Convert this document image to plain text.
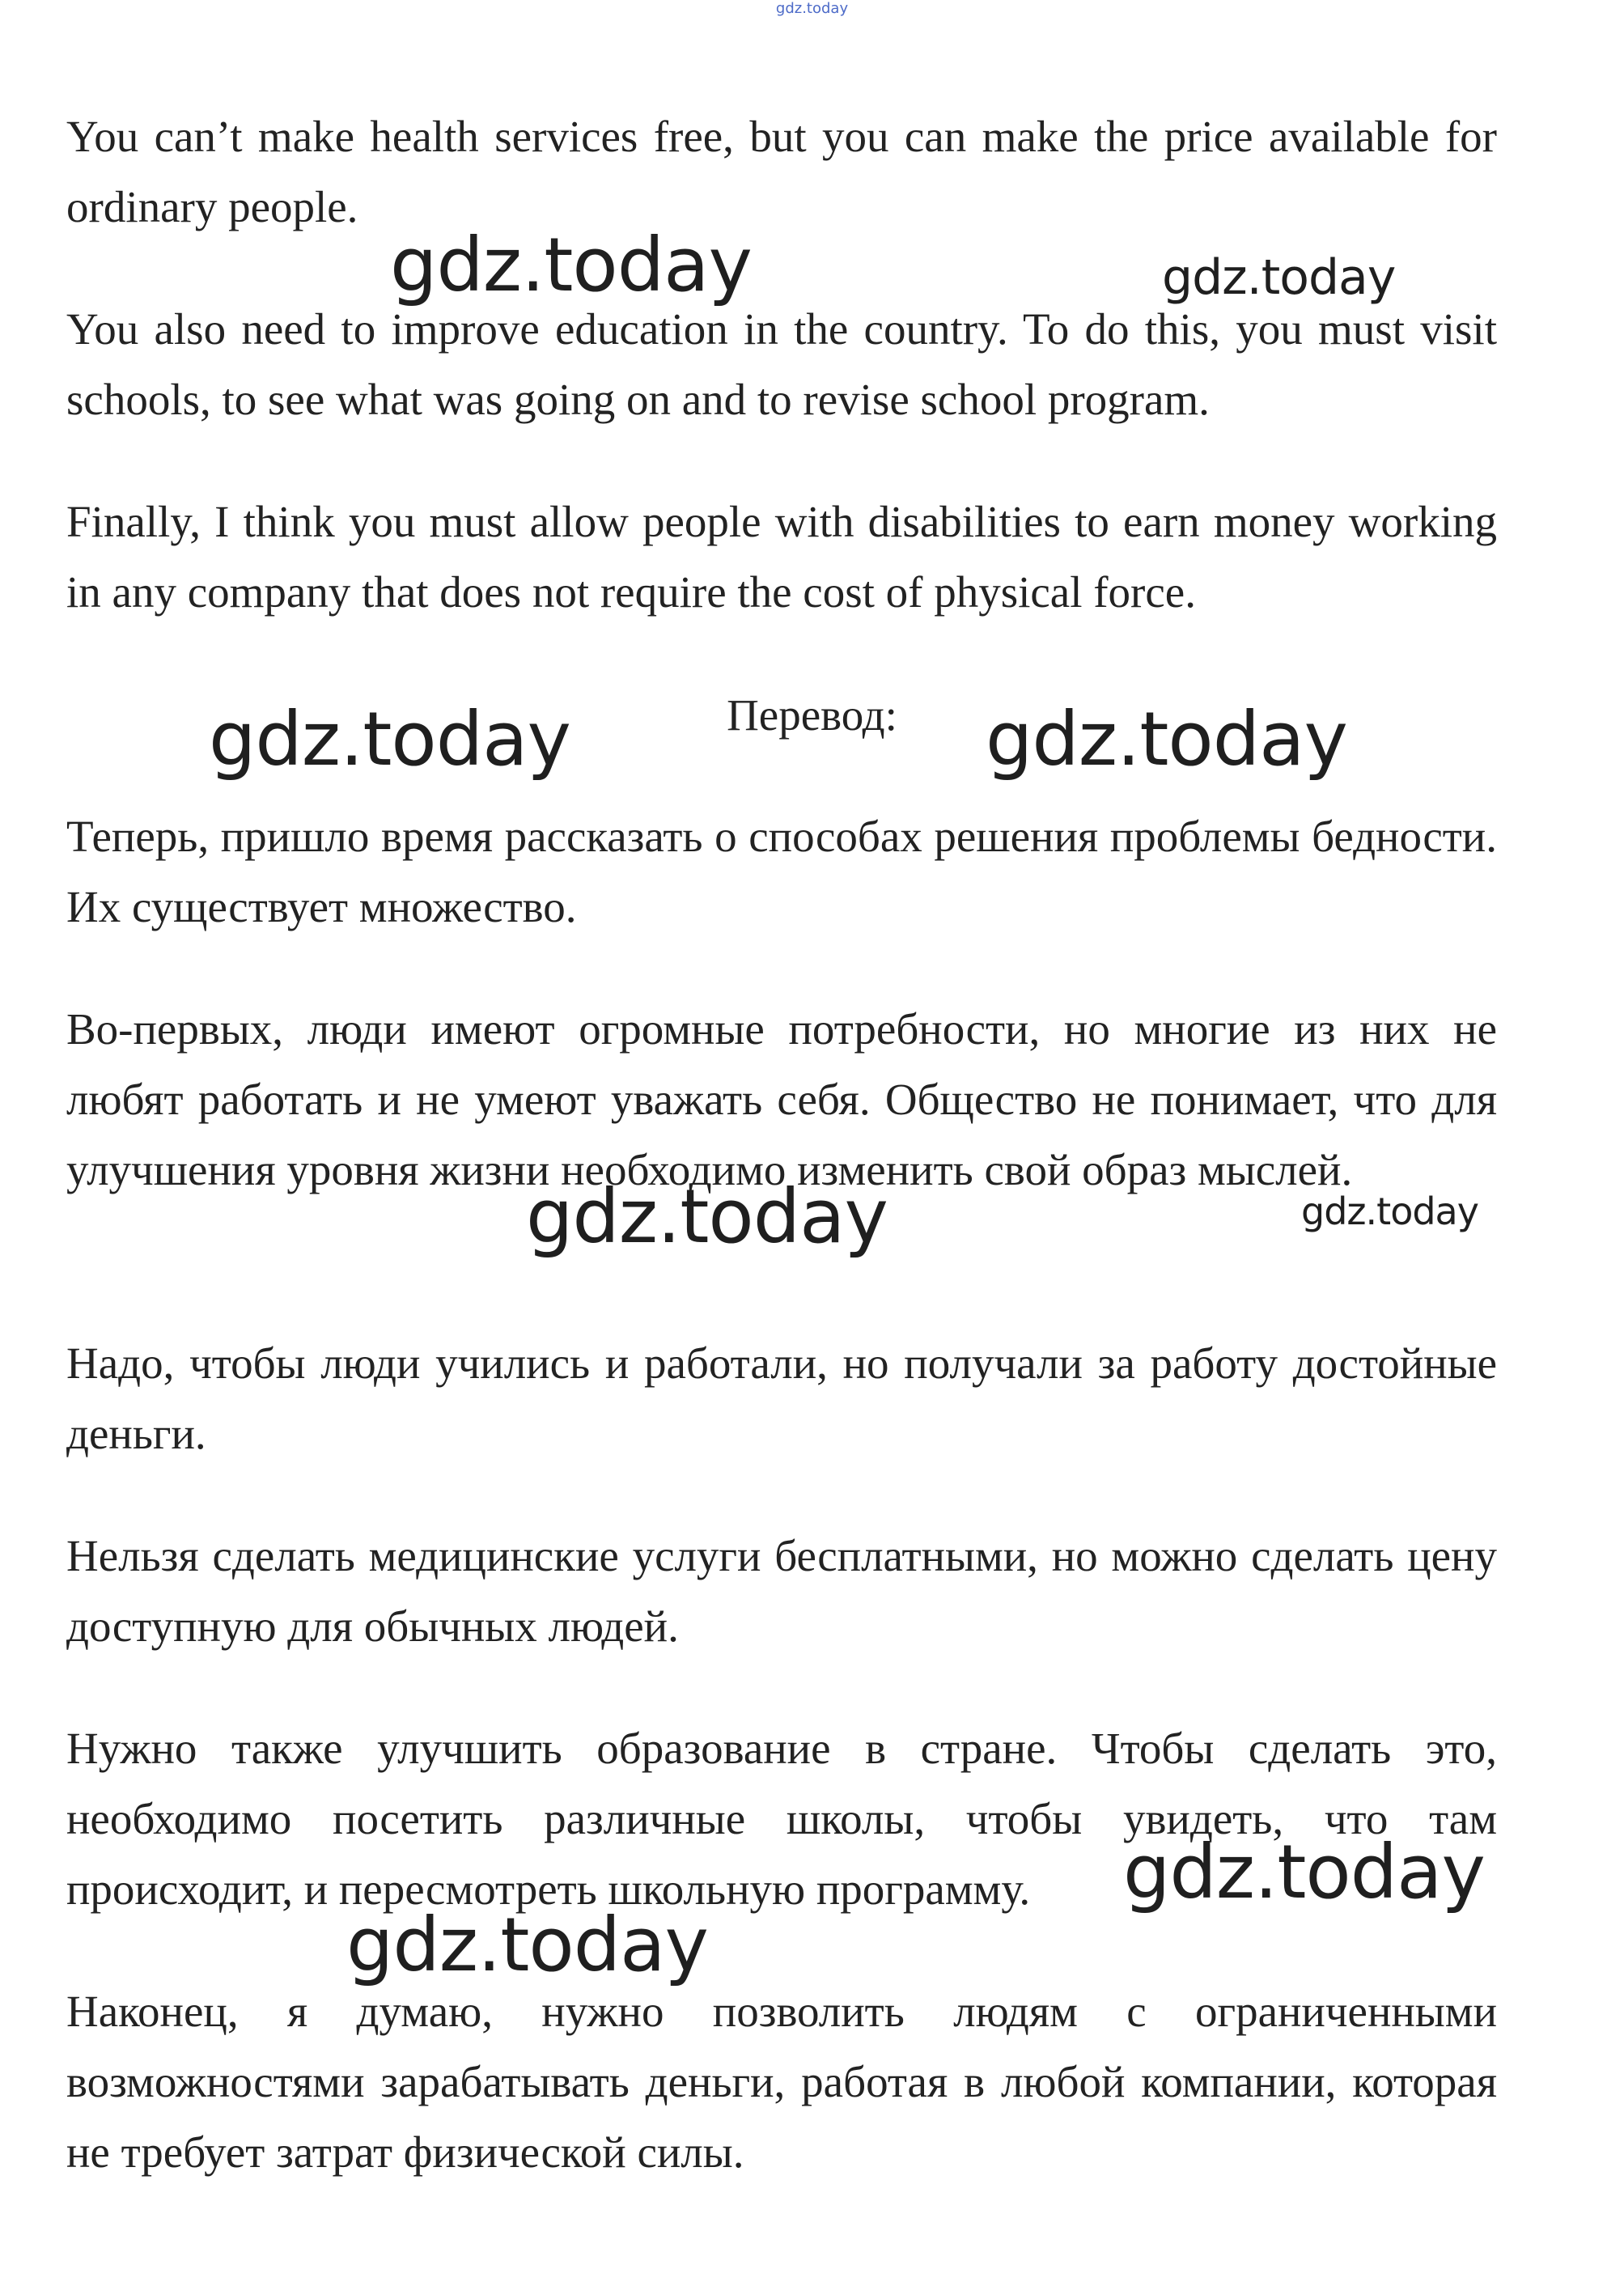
gdz.today

You can’t make health services free, but you can make the price available for ordinary people.

gdz.today	gdz.today

You also need to improve education in the country. To do this, you must visit schools, to see what was going on and to revise school program.

Finally, I think you must allow people with disabilities to earn money working in any company that does not require the cost of physical force.

gdz.today	Перевод:	gdz.today

Теперь, пришло время рассказать о способах решения проблемы бедности. Их существует множество.

Во-первых, люди имеют огромные потребности, но многие из них не любят работать и не умеют уважать себя. Общество не понимает, что для улучшения уровня жизни необходимо изменить свой образ мыслей.

gdz.today	gdz.today

Надо, чтобы люди учились и работали, но получали за работу достойные деньги.

Нельзя сделать медицинские услуги бесплатными, но можно сделать цену доступную для обычных людей.

Нужно также улучшить образование в стране. Чтобы сделать это, необходимо посетить различные школы, чтобы увидеть, что там происходит, и пересмотреть школьную программу.	gdz.today
gdz.today

Наконец, я думаю, нужно позволить людям с ограниченными возможностями зарабатывать деньги, работая в любой компании, которая не требует затрат физической силы.
